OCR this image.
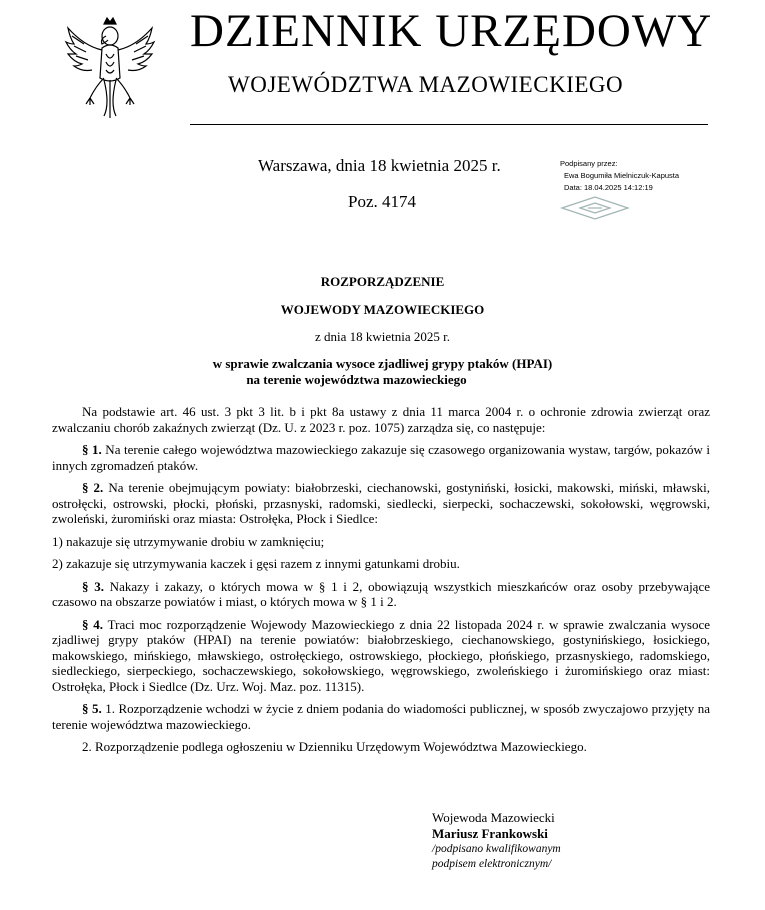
DZIENNIK URZĘDOWY
WOJEWÓDZTWA MAZOWIECKIEGO
Warszawa, dnia 18 kwietnia 2025 r.
Poz. 4174
Podpisany przez:
Ewa Bogumiła Mielniczuk-Kapusta
Data: 18.04.2025 14:12:19
ROZPORZĄDZENIE
WOJEWODY MAZOWIECKIEGO
z dnia 18 kwietnia 2025 r.
w sprawie zwalczania wysoce zjadliwej grypy ptaków (HPAI)
na terenie województwa mazowieckiego

Na podstawie art. 46 ust. 3 pkt 3 lit. b i pkt 8a ustawy z dnia 11 marca 2004 r. o ochronie zdrowia zwierząt oraz zwalczaniu chorób zakaźnych zwierząt (Dz. U. z 2023 r. poz. 1075) zarządza się, co następuje:

§ 1. Na terenie całego województwa mazowieckiego zakazuje się czasowego organizowania wystaw, targów, pokazów i innych zgromadzeń ptaków.

§ 2. Na terenie obejmującym powiaty: białobrzeski, ciechanowski, gostyniński, łosicki, makowski, miński, mławski, ostrołęcki, ostrowski, płocki, płoński, przasnyski, radomski, siedlecki, sierpecki, sochaczewski, sokołowski, węgrowski, zwoleński, żuromiński oraz miasta: Ostrołęka, Płock i Siedlce:

1) nakazuje się utrzymywanie drobiu w zamknięciu;

2) zakazuje się utrzymywania kaczek i gęsi razem z innymi gatunkami drobiu.

§ 3. Nakazy i zakazy, o których mowa w § 1 i 2, obowiązują wszystkich mieszkańców oraz osoby przebywające czasowo na obszarze powiatów i miast, o których mowa w § 1 i 2.

§ 4. Traci moc rozporządzenie Wojewody Mazowieckiego z dnia 22 listopada 2024 r. w sprawie zwalczania wysoce zjadliwej grypy ptaków (HPAI) na terenie powiatów: białobrzeskiego, ciechanowskiego, gostynińskiego, łosickiego, makowskiego, mińskiego, mławskiego, ostrołęckiego, ostrowskiego, płockiego, płońskiego, przasnyskiego, radomskiego, siedleckiego, sierpeckiego, sochaczewskiego, sokołowskiego, węgrowskiego, zwoleńskiego i żuromińskiego oraz miast: Ostrołęka, Płock i Siedlce (Dz. Urz. Woj. Maz. poz. 11315).

§ 5. 1. Rozporządzenie wchodzi w życie z dniem podania do wiadomości publicznej, w sposób zwyczajowo przyjęty na terenie województwa mazowieckiego.

2. Rozporządzenie podlega ogłoszeniu w Dzienniku Urzędowym Województwa Mazowieckiego.

Wojewoda Mazowiecki
Mariusz Frankowski
/podpisano kwalifikowanym
podpisem elektronicznym/
